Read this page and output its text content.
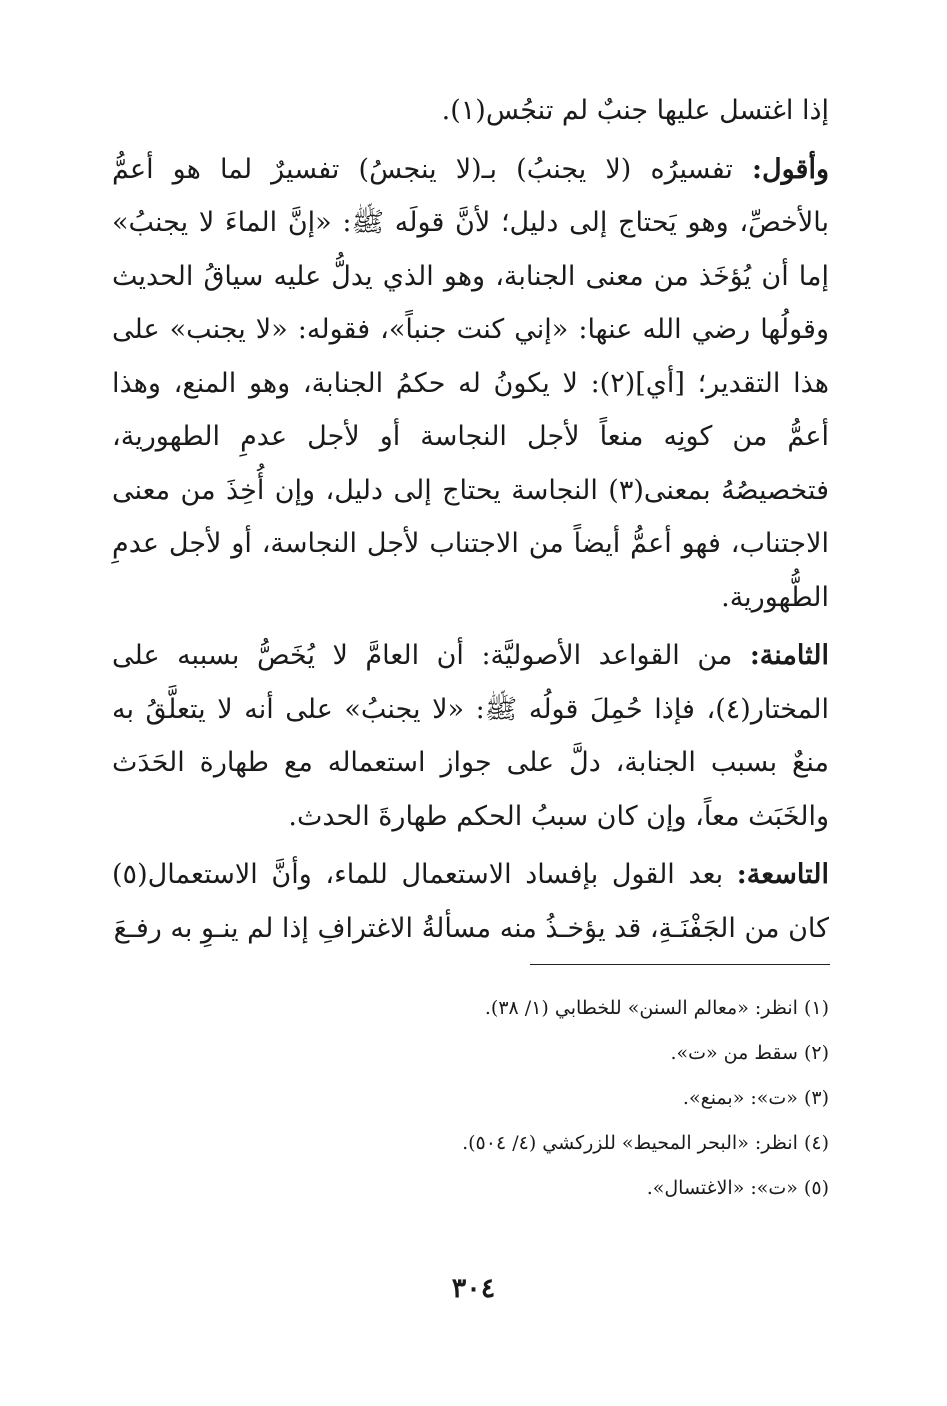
إذا اغتسل عليها جنبٌ لم تنجُس(١).

وأقول: تفسيرُه (لا يجنبُ) بـ(لا ينجسُ) تفسيرٌ لما هو أعمُّ بالأخصِّ، وهو يَحتاج إلى دليل؛ لأنَّ قولَه ﷺ: «إنَّ الماءَ لا يجنبُ» إما أن يُؤخَذ من معنى الجنابة، وهو الذي يدلُّ عليه سياقُ الحديث وقولُها رضي الله عنها: «إني كنت جنباً»، فقوله: «لا يجنب» على هذا التقدير؛ [أي](٢): لا يكونُ له حكمُ الجنابة، وهو المنع، وهذا أعمُّ من كونِه منعاً لأجل النجاسة أو لأجل عدمِ الطهورية، فتخصيصُهُ بمعنى(٣) النجاسة يحتاج إلى دليل، وإن أُخِذَ من معنى الاجتناب، فهو أعمُّ أيضاً من الاجتناب لأجل النجاسة، أو لأجل عدمِ الطُّهورية.

الثامنة: من القواعد الأصوليَّة: أن العامَّ لا يُخَصُّ بسببه على المختار(٤)، فإذا حُمِلَ قولُه ﷺ: «لا يجنبُ» على أنه لا يتعلَّقُ به منعٌ بسبب الجنابة، دلَّ على جواز استعماله مع طهارة الحَدَث والخَبَث معاً، وإن كان سببُ الحكم طهارةَ الحدث.

التاسعة: بعد القول بإفساد الاستعمال للماء، وأنَّ الاستعمال(٥) كان من الجَفْنَـةِ، قد يؤخـذُ منه مسألةُ الاغترافِ إذا لم ينـوِ به رفـعَ

(١) انظر: «معالم السنن» للخطابي (١/ ٣٨).

(٢) سقط من «ت».

(٣) «ت»: «بمنع».

(٤) انظر: «البحر المحيط» للزركشي (٤/ ٥٠٤).

(٥) «ت»: «الاغتسال».

٣٠٤
